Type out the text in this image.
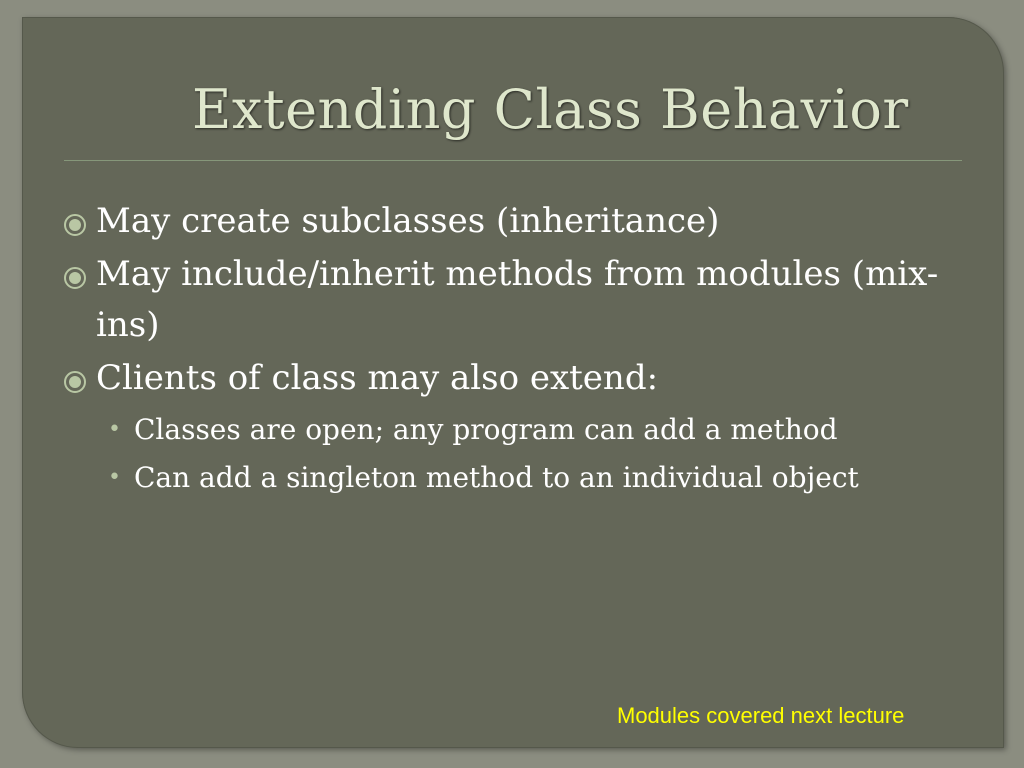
Extending Class Behavior
May create subclasses (inheritance)
May include/inherit methods from modules (mix-ins)
Clients of class may also extend:
• Classes are open; any program can add a method
• Can add a singleton method to an individual object
Modules covered next lecture
